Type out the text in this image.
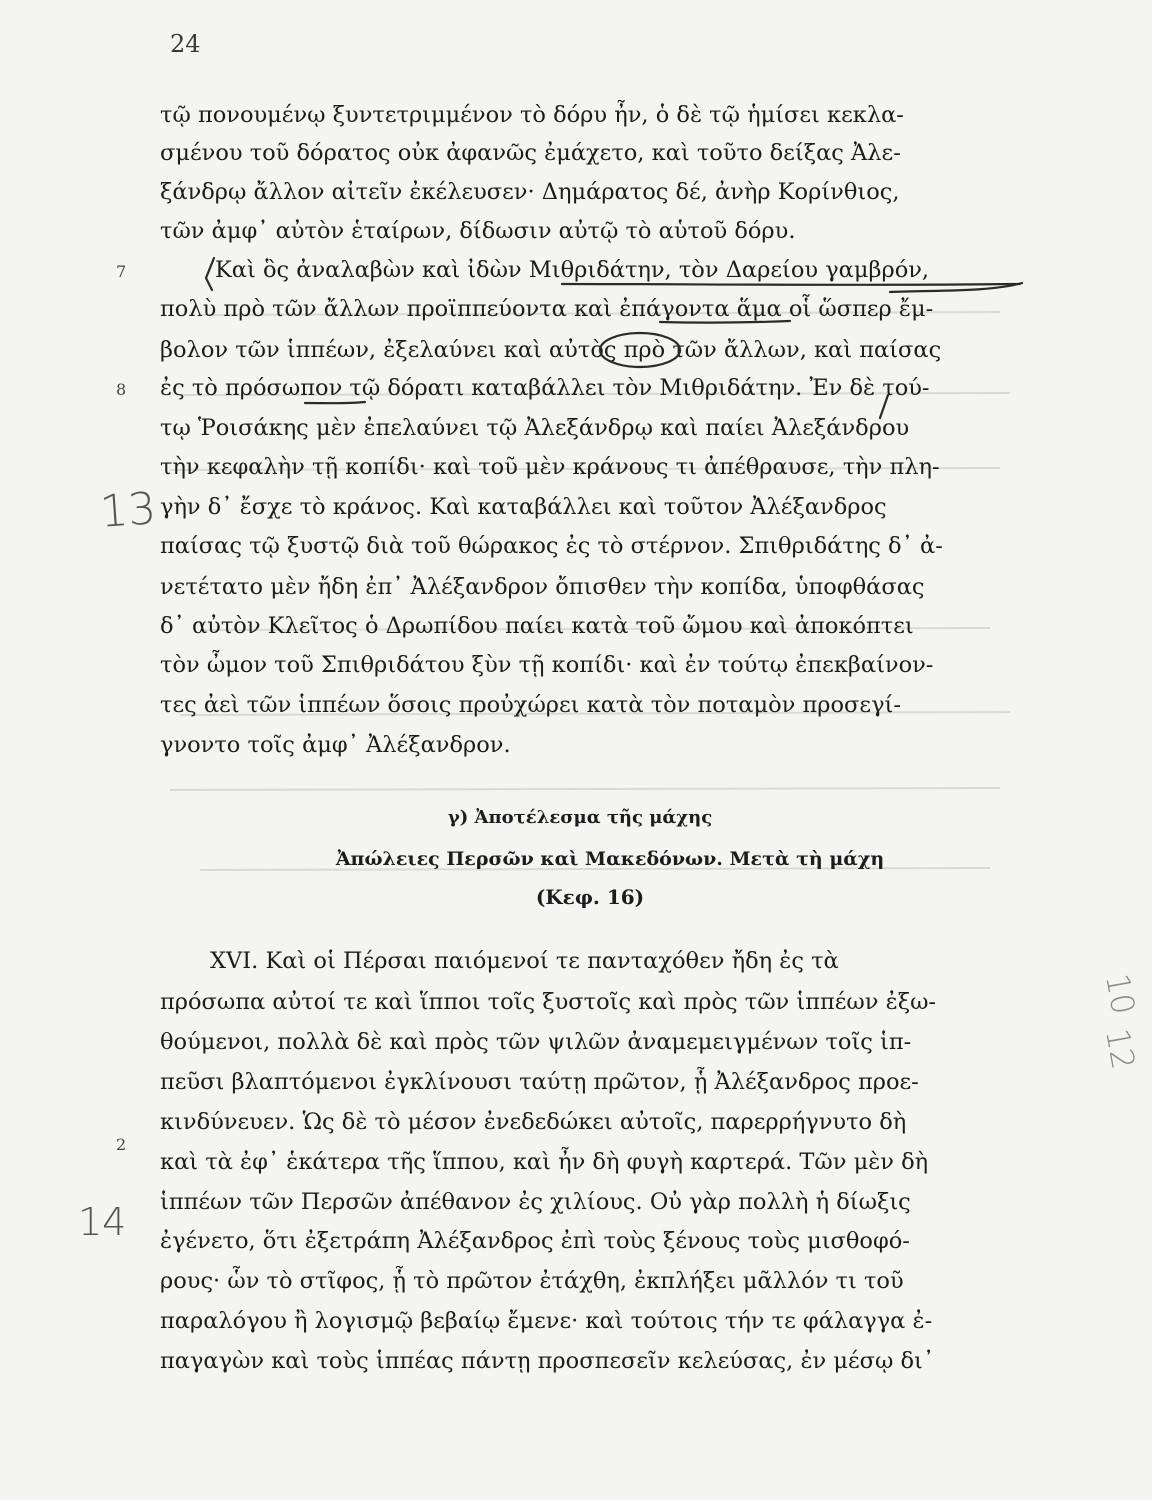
24
τῷ πονουμένῳ ξυντετριμμένον τὸ δόρυ ἦν, ὁ δὲ τῷ ἡμίσει κεκλα-
σμένου τοῦ δόρατος οὐκ ἀφανῶς ἐμάχετο, καὶ τοῦτο δείξας Ἀλε-
ξάνδρῳ ἄλλον αἰτεῖν ἐκέλευσεν· Δημάρατος δέ, ἀνὴρ Κορίνθιος,
τῶν ἀμφ᾿ αὐτὸν ἑταίρων, δίδωσιν αὐτῷ τὸ αὑτοῦ δόρυ.
Καὶ ὃς ἀναλαβὼν καὶ ἰδὼν Μιθριδάτην, τὸν Δαρείου γαμβρόν,
πολὺ πρὸ τῶν ἄλλων προϊππεύοντα καὶ ἐπάγοντα ἅμα οἷ ὥσπερ ἔμ-
βολον τῶν ἱππέων, ἐξελαύνει καὶ αὐτὸς πρὸ τῶν ἄλλων, καὶ παίσας
ἐς τὸ πρόσωπον τῷ δόρατι καταβάλλει τὸν Μιθριδάτην. Ἐν δὲ τού-
τῳ Ῥοισάκης μὲν ἐπελαύνει τῷ Ἀλεξάνδρῳ καὶ παίει Ἀλεξάνδρου
τὴν κεφαλὴν τῇ κοπίδι· καὶ τοῦ μὲν κράνους τι ἀπέθραυσε, τὴν πλη-
γὴν δ᾿ ἔσχε τὸ κράνος. Καὶ καταβάλλει καὶ τοῦτον Ἀλέξανδρος
παίσας τῷ ξυστῷ διὰ τοῦ θώρακος ἐς τὸ στέρνον. Σπιθριδάτης δ᾿ ἀ-
νετέτατο μὲν ἤδη ἐπ᾿ Ἀλέξανδρον ὄπισθεν τὴν κοπίδα, ὑποφθάσας
δ᾿ αὐτὸν Κλεῖτος ὁ Δρωπίδου παίει κατὰ τοῦ ὤμου καὶ ἀποκόπτει
τὸν ὦμον τοῦ Σπιθριδάτου ξὺν τῇ κοπίδι· καὶ ἐν τούτῳ ἐπεκβαίνον-
τες ἀεὶ τῶν ἱππέων ὅσοις προὐχώρει κατὰ τὸν ποταμὸν προσεγί-
γνοντο τοῖς ἀμφ᾿ Ἀλέξανδρον.
7
8
2
γ) Ἀποτέλεσμα τῆς μάχης
Ἀπώλειες Περσῶν καὶ Μακεδόνων. Μετὰ τὴ μάχη
(Κεφ. 16)
XVI. Καὶ οἱ Πέρσαι παιόμενοί τε πανταχόθεν ἤδη ἐς τὰ
πρόσωπα αὐτοί τε καὶ ἵπποι τοῖς ξυστοῖς καὶ πρὸς τῶν ἱππέων ἐξω-
θούμενοι, πολλὰ δὲ καὶ πρὸς τῶν ψιλῶν ἀναμεμειγμένων τοῖς ἱπ-
πεῦσι βλαπτόμενοι ἐγκλίνουσι ταύτῃ πρῶτον, ᾗ Ἀλέξανδρος προε-
κινδύνευεν. Ὡς δὲ τὸ μέσον ἐνεδεδώκει αὐτοῖς, παρερρήγνυτο δὴ
καὶ τὰ ἐφ᾿ ἑκάτερα τῆς ἵππου, καὶ ἦν δὴ φυγὴ καρτερά. Τῶν μὲν δὴ
ἱππέων τῶν Περσῶν ἀπέθανον ἐς χιλίους. Οὐ γὰρ πολλὴ ἡ δίωξις
ἐγένετο, ὅτι ἐξετράπη Ἀλέξανδρος ἐπὶ τοὺς ξένους τοὺς μισθοφό-
ρους· ὧν τὸ στῖφος, ᾗ τὸ πρῶτον ἐτάχθη, ἐκπλήξει μᾶλλόν τι τοῦ
παραλόγου ἢ λογισμῷ βεβαίῳ ἔμενε· καὶ τούτοις τήν τε φάλαγγα ἐ-
παγαγὼν καὶ τοὺς ἱππέας πάντῃ προσπεσεῖν κελεύσας, ἐν μέσῳ δι᾿
13
14
10
12
